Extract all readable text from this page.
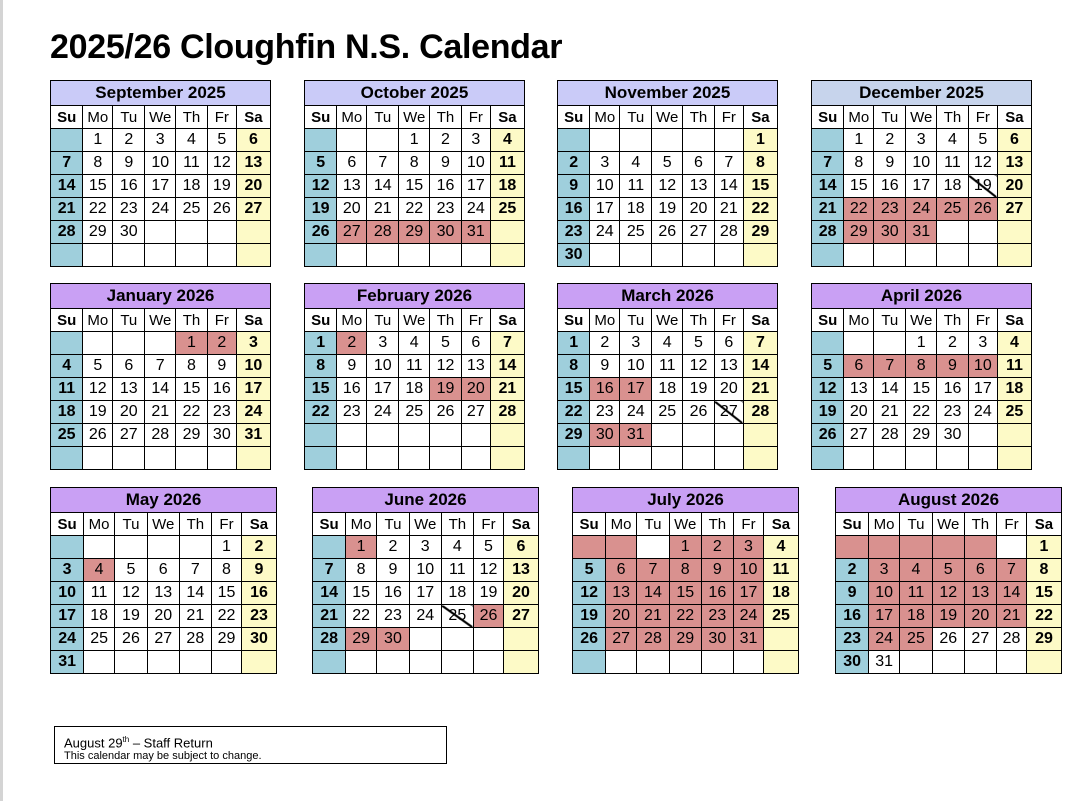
2025/26 Cloughfin N.S. Calendar
September 2025						
Su	Mo	Tu	We	Th	Fr	Sa
	1	2	3	4	5	6
7	8	9	10	11	12	13
14	15	16	17	18	19	20
21	22	23	24	25	26	27
28	29	30				

October 2025						
Su	Mo	Tu	We	Th	Fr	Sa
			1	2	3	4
5	6	7	8	9	10	11
12	13	14	15	16	17	18
19	20	21	22	23	24	25
26	27	28	29	30	31	

November 2025						
Su	Mo	Tu	We	Th	Fr	Sa
						1
2	3	4	5	6	7	8
9	10	11	12	13	14	15
16	17	18	19	20	21	22
23	24	25	26	27	28	29
30						
December 2025						
Su	Mo	Tu	We	Th	Fr	Sa
	1	2	3	4	5	6
7	8	9	10	11	12	13
14	15	16	17	18	19	20
21	22	23	24	25	26	27
28	29	30	31			

January 2026						
Su	Mo	Tu	We	Th	Fr	Sa
				1	2	3
4	5	6	7	8	9	10
11	12	13	14	15	16	17
18	19	20	21	22	23	24
25	26	27	28	29	30	31

February 2026						
Su	Mo	Tu	We	Th	Fr	Sa
1	2	3	4	5	6	7
8	9	10	11	12	13	14
15	16	17	18	19	20	21
22	23	24	25	26	27	28

March 2026						
Su	Mo	Tu	We	Th	Fr	Sa
1	2	3	4	5	6	7
8	9	10	11	12	13	14
15	16	17	18	19	20	21
22	23	24	25	26	27	28
29	30	31				

April 2026						
Su	Mo	Tu	We	Th	Fr	Sa
			1	2	3	4
5	6	7	8	9	10	11
12	13	14	15	16	17	18
19	20	21	22	23	24	25
26	27	28	29	30		

May 2026						
Su	Mo	Tu	We	Th	Fr	Sa
					1	2
3	4	5	6	7	8	9
10	11	12	13	14	15	16
17	18	19	20	21	22	23
24	25	26	27	28	29	30
31						
June 2026						
Su	Mo	Tu	We	Th	Fr	Sa
	1	2	3	4	5	6
7	8	9	10	11	12	13
14	15	16	17	18	19	20
21	22	23	24	25	26	27
28	29	30				

July 2026						
Su	Mo	Tu	We	Th	Fr	Sa
			1	2	3	4
5	6	7	8	9	10	11
12	13	14	15	16	17	18
19	20	21	22	23	24	25
26	27	28	29	30	31	

August 2026						
Su	Mo	Tu	We	Th	Fr	Sa
						1
2	3	4	5	6	7	8
9	10	11	12	13	14	15
16	17	18	19	20	21	22
23	24	25	26	27	28	29
30	31					
August 29th – Staff Return
This calendar may be subject to change.
